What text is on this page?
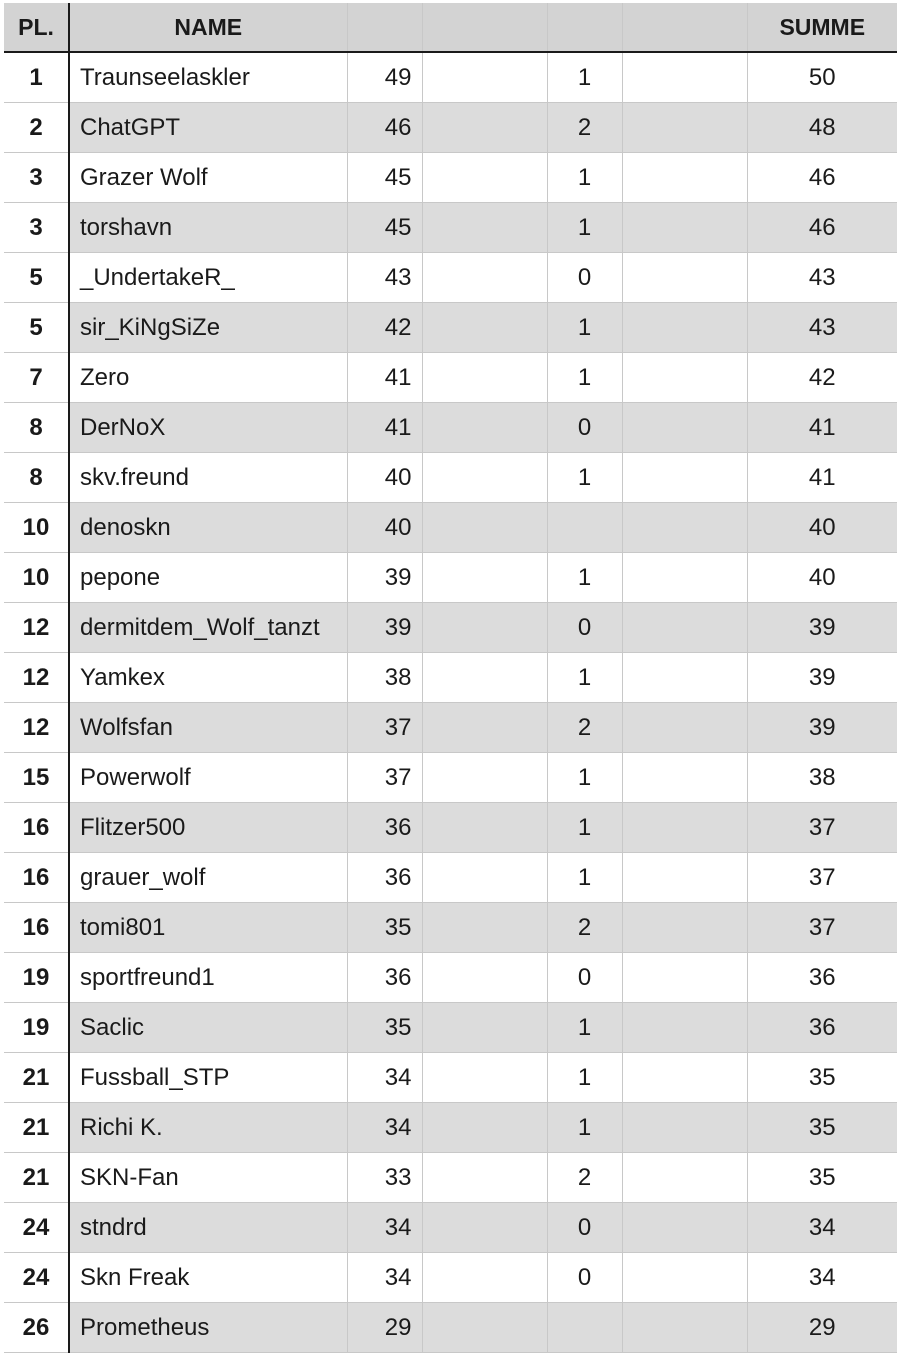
PL.	NAME					SUMME
1	Traunseelaskler	49		1		50
2	ChatGPT	46		2		48
3	Grazer Wolf	45		1		46
3	torshavn	45		1		46
5	_UndertakeR_	43		0		43
5	sir_KiNgSiZe	42		1		43
7	Zero	41		1		42
8	DerNoX	41		0		41
8	skv.freund	40		1		41
10	denoskn	40				40
10	pepone	39		1		40
12	dermitdem_Wolf_tanzt	39		0		39
12	Yamkex	38		1		39
12	Wolfsfan	37		2		39
15	Powerwolf	37		1		38
16	Flitzer500	36		1		37
16	grauer_wolf	36		1		37
16	tomi801	35		2		37
19	sportfreund1	36		0		36
19	Saclic	35		1		36
21	Fussball_STP	34		1		35
21	Richi K.	34		1		35
21	SKN-Fan	33		2		35
24	stndrd	34		0		34
24	Skn Freak	34		0		34
26	Prometheus	29				29
